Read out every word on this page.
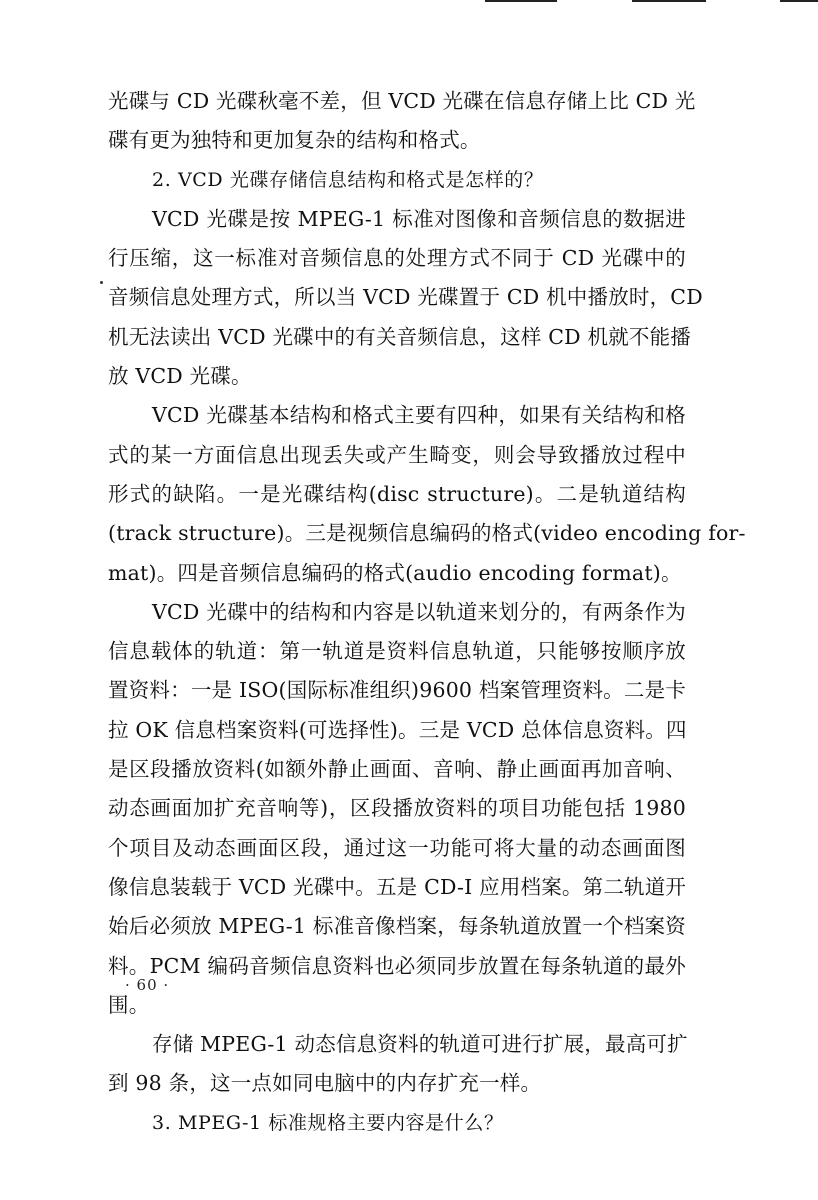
光碟与 CD 光碟秋毫不差，但 VCD 光碟在信息存储上比 CD 光
碟有更为独特和更加复杂的结构和格式。
2. VCD 光碟存储信息结构和格式是怎样的？
VCD 光碟是按 MPEG-1 标准对图像和音频信息的数据进
行压缩，这一标准对音频信息的处理方式不同于 CD 光碟中的
音频信息处理方式，所以当 VCD 光碟置于 CD 机中播放时，CD
机无法读出 VCD 光碟中的有关音频信息，这样 CD 机就不能播
放 VCD 光碟。
VCD 光碟基本结构和格式主要有四种，如果有关结构和格
式的某一方面信息出现丢失或产生畸变，则会导致播放过程中
形式的缺陷。一是光碟结构(disc structure)。二是轨道结构
(track structure)。三是视频信息编码的格式(video encoding for-
mat)。四是音频信息编码的格式(audio encoding format)。
VCD 光碟中的结构和内容是以轨道来划分的，有两条作为
信息载体的轨道：第一轨道是资料信息轨道，只能够按顺序放
置资料：一是 ISO(国际标准组织)9600 档案管理资料。二是卡
拉 OK 信息档案资料(可选择性)。三是 VCD 总体信息资料。四
是区段播放资料(如额外静止画面、音响、静止画面再加音响、
动态画面加扩充音响等)，区段播放资料的项目功能包括 1980
个项目及动态画面区段，通过这一功能可将大量的动态画面图
像信息装载于 VCD 光碟中。五是 CD-I 应用档案。第二轨道开
始后必须放 MPEG-1 标准音像档案，每条轨道放置一个档案资
料。PCM 编码音频信息资料也必须同步放置在每条轨道的最外
围。
存储 MPEG-1 动态信息资料的轨道可进行扩展，最高可扩
到 98 条，这一点如同电脑中的内存扩充一样。
3. MPEG-1 标准规格主要内容是什么？
· 60 ·
